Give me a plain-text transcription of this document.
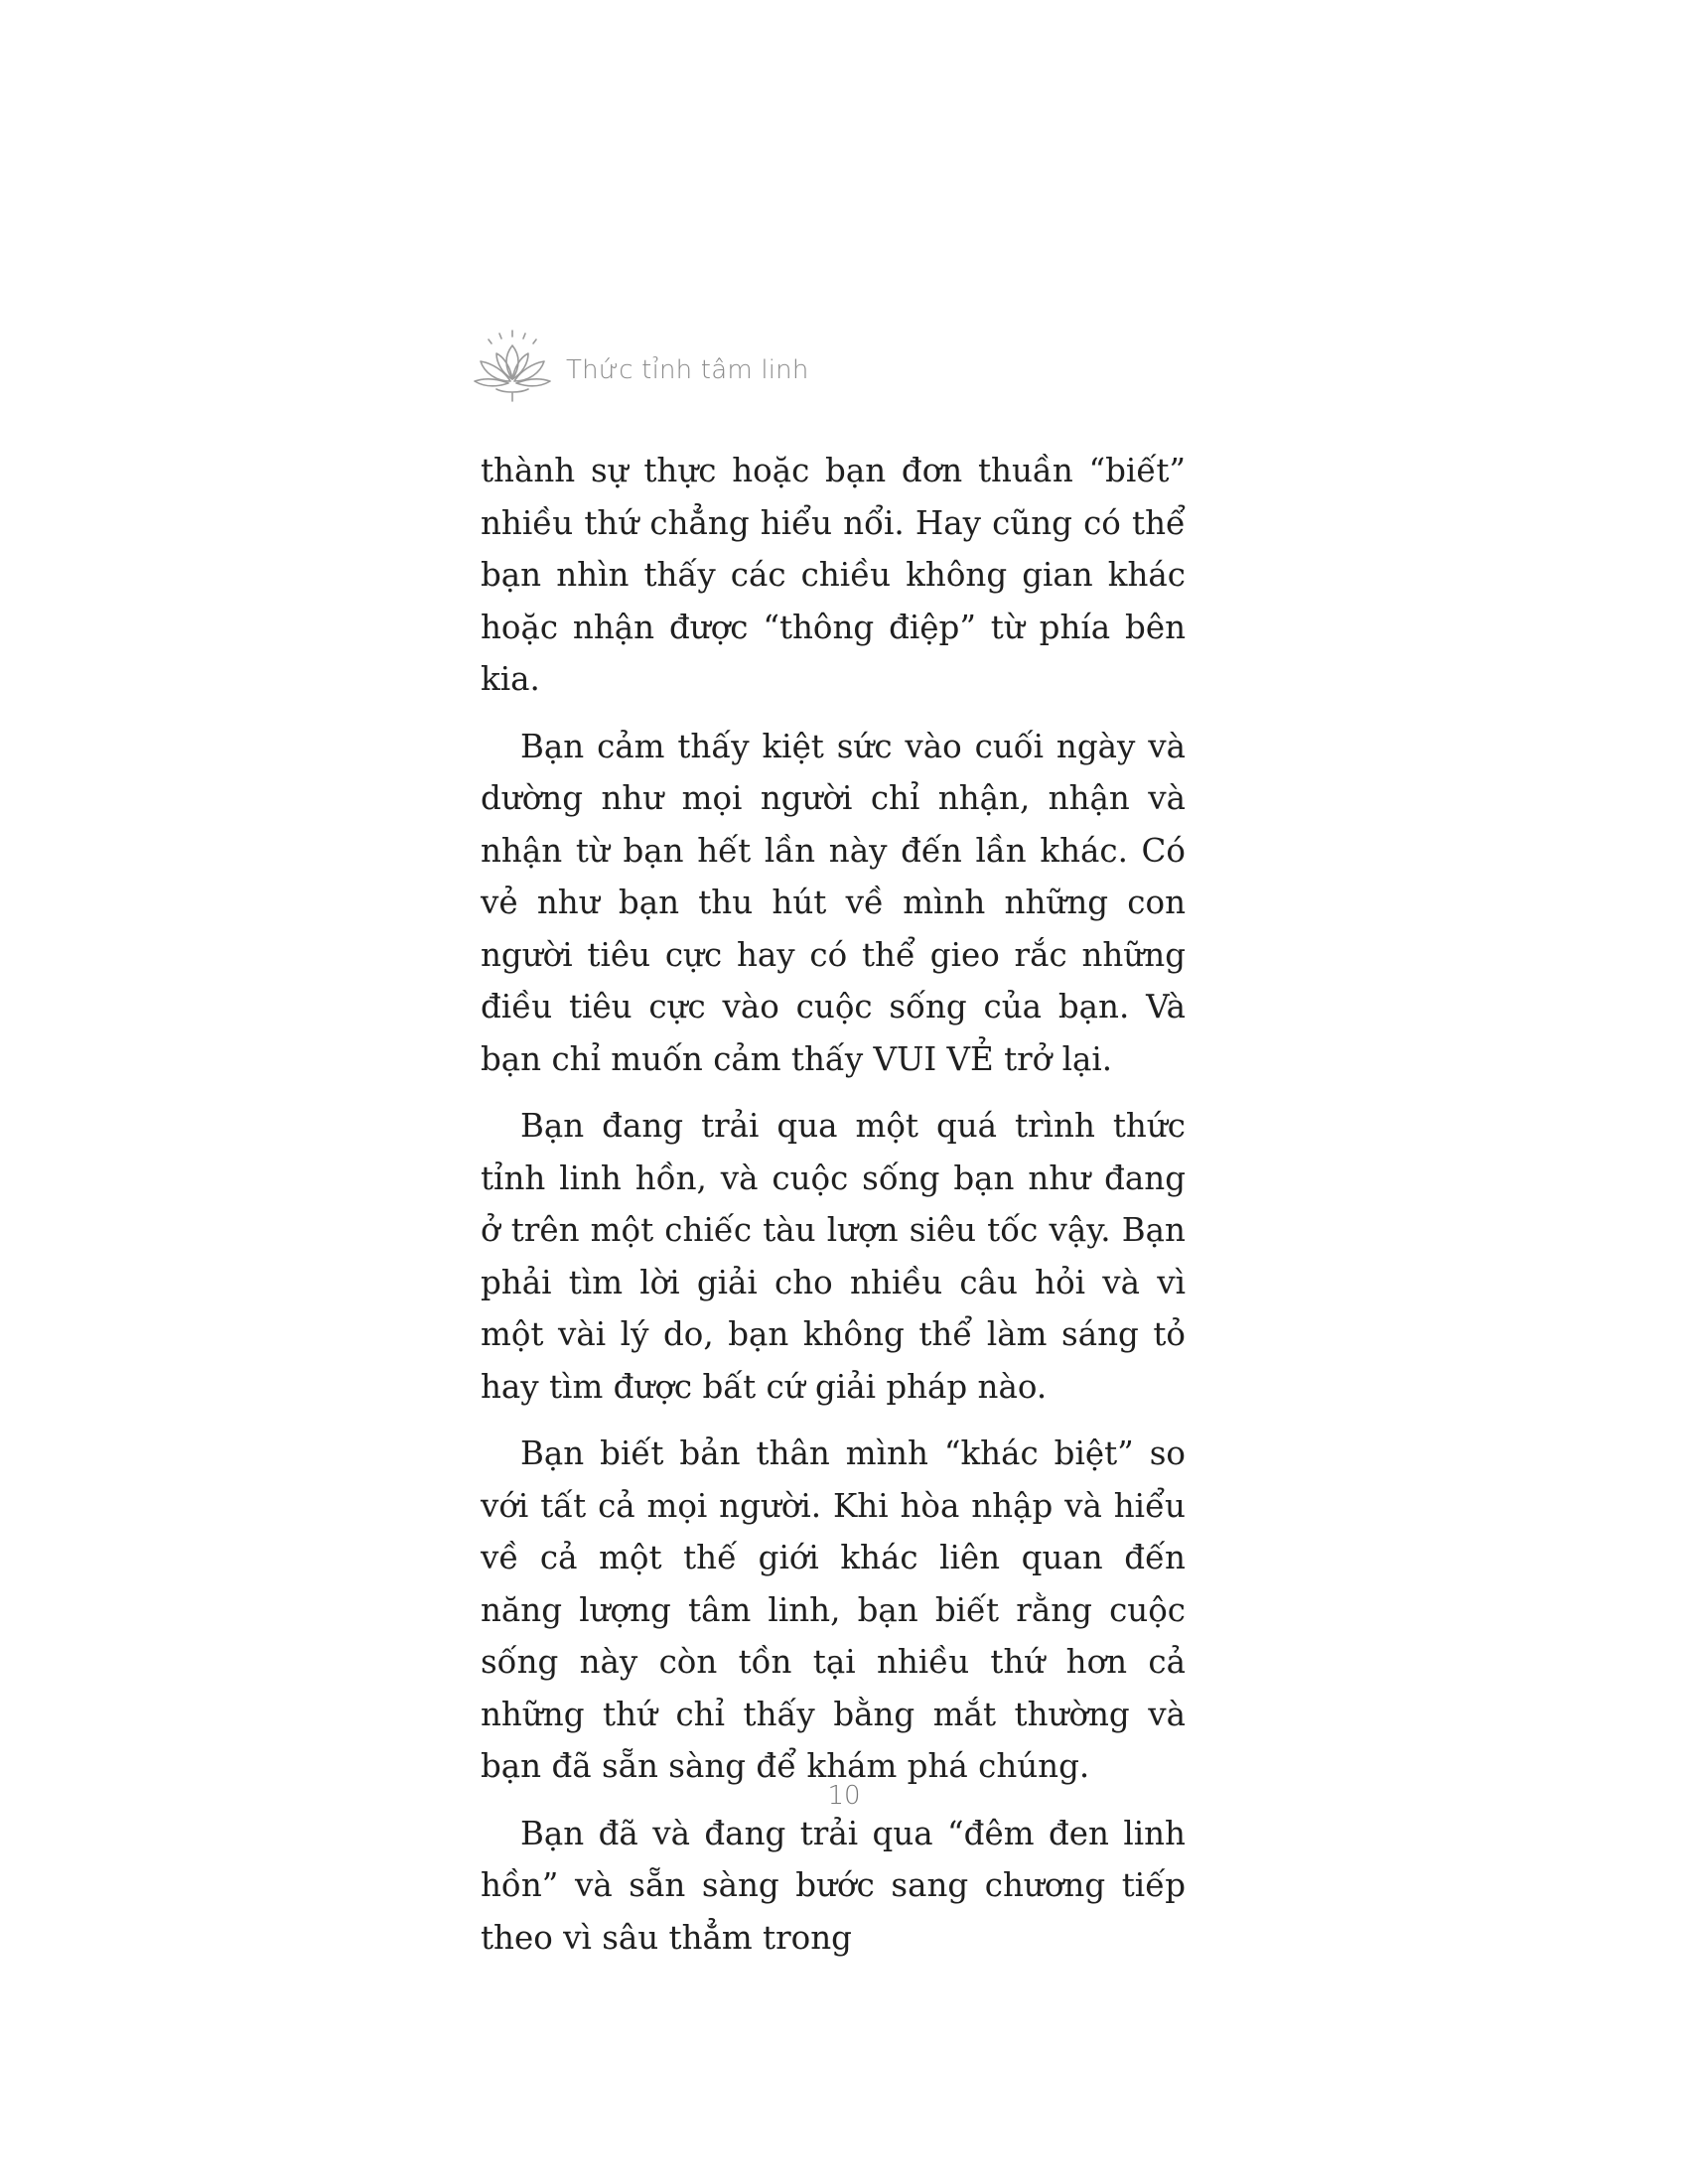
Thức tỉnh tâm linh

thành sự thực hoặc bạn đơn thuần “biết” nhiều thứ chẳng hiểu nổi. Hay cũng có thể bạn nhìn thấy các chiều không gian khác hoặc nhận được “thông điệp” từ phía bên kia.

Bạn cảm thấy kiệt sức vào cuối ngày và dường như mọi người chỉ nhận, nhận và nhận từ bạn hết lần này đến lần khác. Có vẻ như bạn thu hút về mình những con người tiêu cực hay có thể gieo rắc những điều tiêu cực vào cuộc sống của bạn. Và bạn chỉ muốn cảm thấy VUI VẺ trở lại.

Bạn đang trải qua một quá trình thức tỉnh linh hồn, và cuộc sống bạn như đang ở trên một chiếc tàu lượn siêu tốc vậy. Bạn phải tìm lời giải cho nhiều câu hỏi và vì một vài lý do, bạn không thể làm sáng tỏ hay tìm được bất cứ giải pháp nào.

Bạn biết bản thân mình “khác biệt” so với tất cả mọi người. Khi hòa nhập và hiểu về cả một thế giới khác liên quan đến năng lượng tâm linh, bạn biết rằng cuộc sống này còn tồn tại nhiều thứ hơn cả những thứ chỉ thấy bằng mắt thường và bạn đã sẵn sàng để khám phá chúng.

Bạn đã và đang trải qua “đêm đen linh hồn” và sẵn sàng bước sang chương tiếp theo vì sâu thẳm trong

10
